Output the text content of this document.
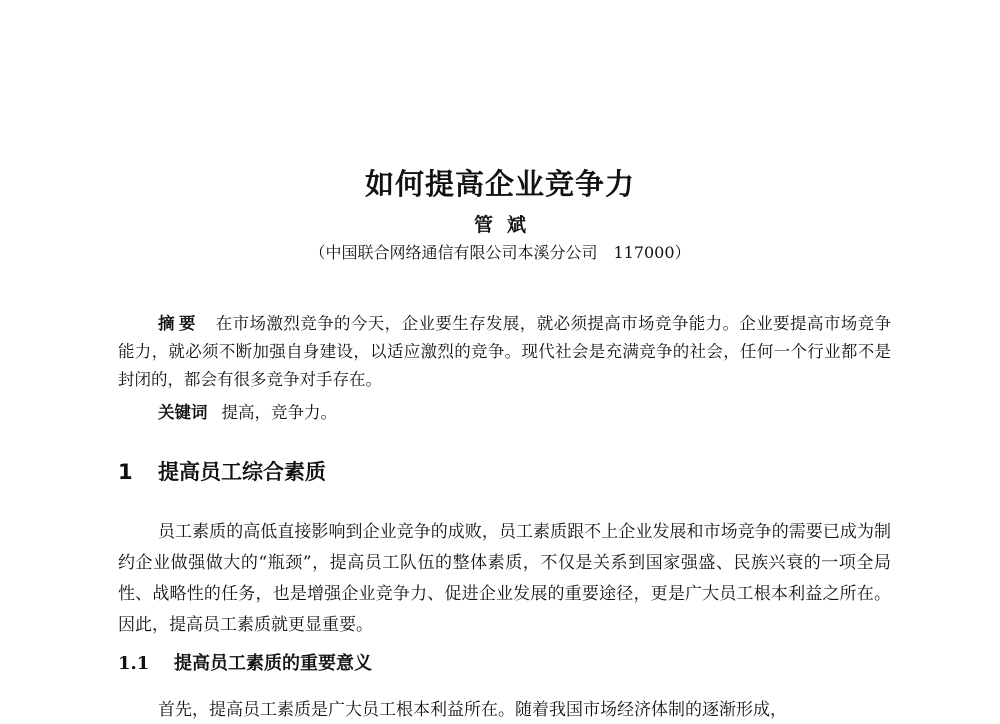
如何提高企业竞争力
管斌
（中国联合网络通信有限公司本溪分公司　117000）

摘要 在市场激烈竞争的今天，企业要生存发展，就必须提高市场竞争能力。企业要提高市场竞争能力，就必须不断加强自身建设，以适应激烈的竞争。现代社会是充满竞争的社会，任何一个行业都不是封闭的，都会有很多竞争对手存在。

关键词 提高，竞争力。
1 提高员工综合素质

员工素质的高低直接影响到企业竞争的成败，员工素质跟不上企业发展和市场竞争的需要已成为制约企业做强做大的“瓶颈”，提高员工队伍的整体素质，不仅是关系到国家强盛、民族兴衰的一项全局性、战略性的任务，也是增强企业竞争力、促进企业发展的重要途径，更是广大员工根本利益之所在。因此，提高员工素质就更显重要。

1.1 提高员工素质的重要意义
首先，提高员工素质是广大员工根本利益所在。随着我国市场经济体制的逐渐形成，
